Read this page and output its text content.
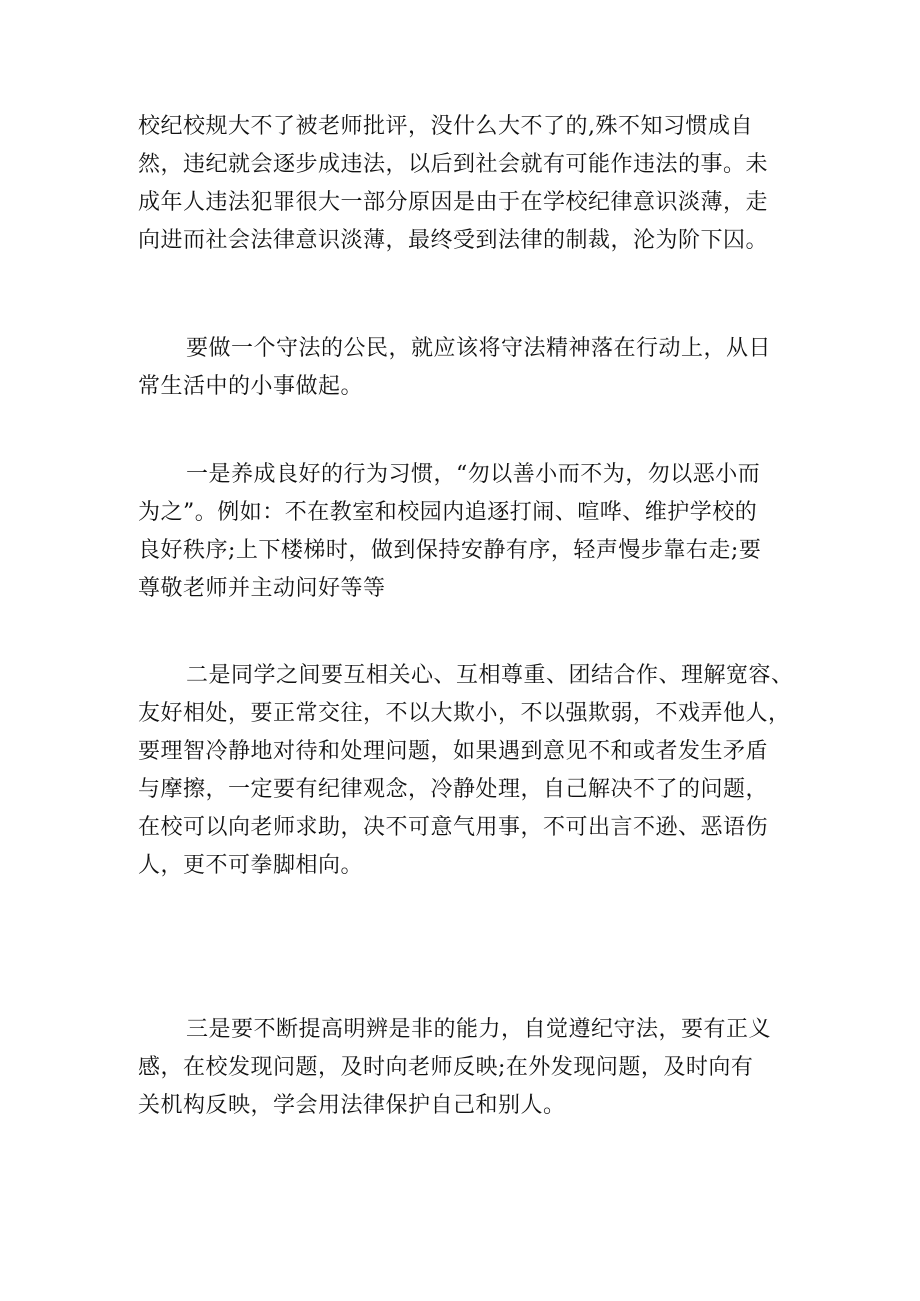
校纪校规大不了被老师批评，没什么大不了的,殊不知习惯成自
然，违纪就会逐步成违法，以后到社会就有可能作违法的事。未
成年人违法犯罪很大一部分原因是由于在学校纪律意识淡薄，走
向进而社会法律意识淡薄，最终受到法律的制裁，沦为阶下囚。

要做一个守法的公民，就应该将守法精神落在行动上，从日
常生活中的小事做起。

一是养成良好的行为习惯，“勿以善小而不为，勿以恶小而
为之”。例如：不在教室和校园内追逐打闹、喧哗、维护学校的
良好秩序;上下楼梯时，做到保持安静有序，轻声慢步靠右走;要
尊敬老师并主动问好等等

二是同学之间要互相关心、互相尊重、团结合作、理解宽容、
友好相处，要正常交往，不以大欺小，不以强欺弱，不戏弄他人，
要理智冷静地对待和处理问题，如果遇到意见不和或者发生矛盾
与摩擦，一定要有纪律观念，冷静处理，自己解决不了的问题，
在校可以向老师求助，决不可意气用事，不可出言不逊、恶语伤
人，更不可拳脚相向。

三是要不断提高明辨是非的能力，自觉遵纪守法，要有正义
感，在校发现问题，及时向老师反映;在外发现问题，及时向有
关机构反映，学会用法律保护自己和别人。
